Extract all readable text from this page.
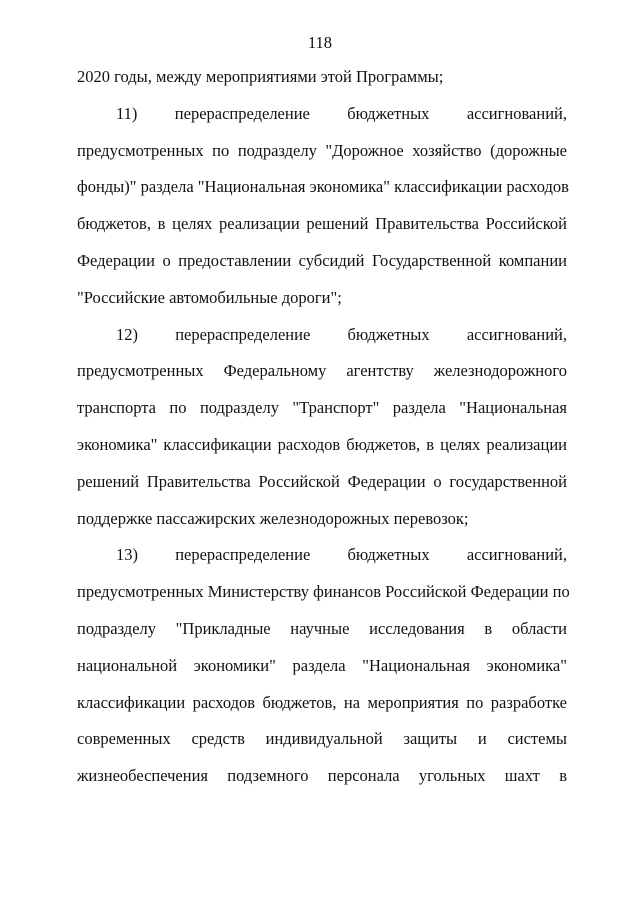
118
2020 годы, между мероприятиями этой Программы;
11) перераспределение бюджетных ассигнований,
предусмотренных по подразделу "Дорожное хозяйство (дорожные
фонды)" раздела "Национальная экономика" классификации расходов
бюджетов, в целях реализации решений Правительства Российской
Федерации о предоставлении субсидий Государственной компании
"Российские автомобильные дороги";
12) перераспределение бюджетных ассигнований,
предусмотренных Федеральному агентству железнодорожного
транспорта по подразделу "Транспорт" раздела "Национальная
экономика" классификации расходов бюджетов, в целях реализации
решений Правительства Российской Федерации о государственной
поддержке пассажирских железнодорожных перевозок;
13) перераспределение бюджетных ассигнований,
предусмотренных Министерству финансов Российской Федерации по
подразделу "Прикладные научные исследования в области
национальной экономики" раздела "Национальная экономика"
классификации расходов бюджетов, на мероприятия по разработке
современных средств индивидуальной защиты и системы
жизнеобеспечения подземного персонала угольных шахт в
